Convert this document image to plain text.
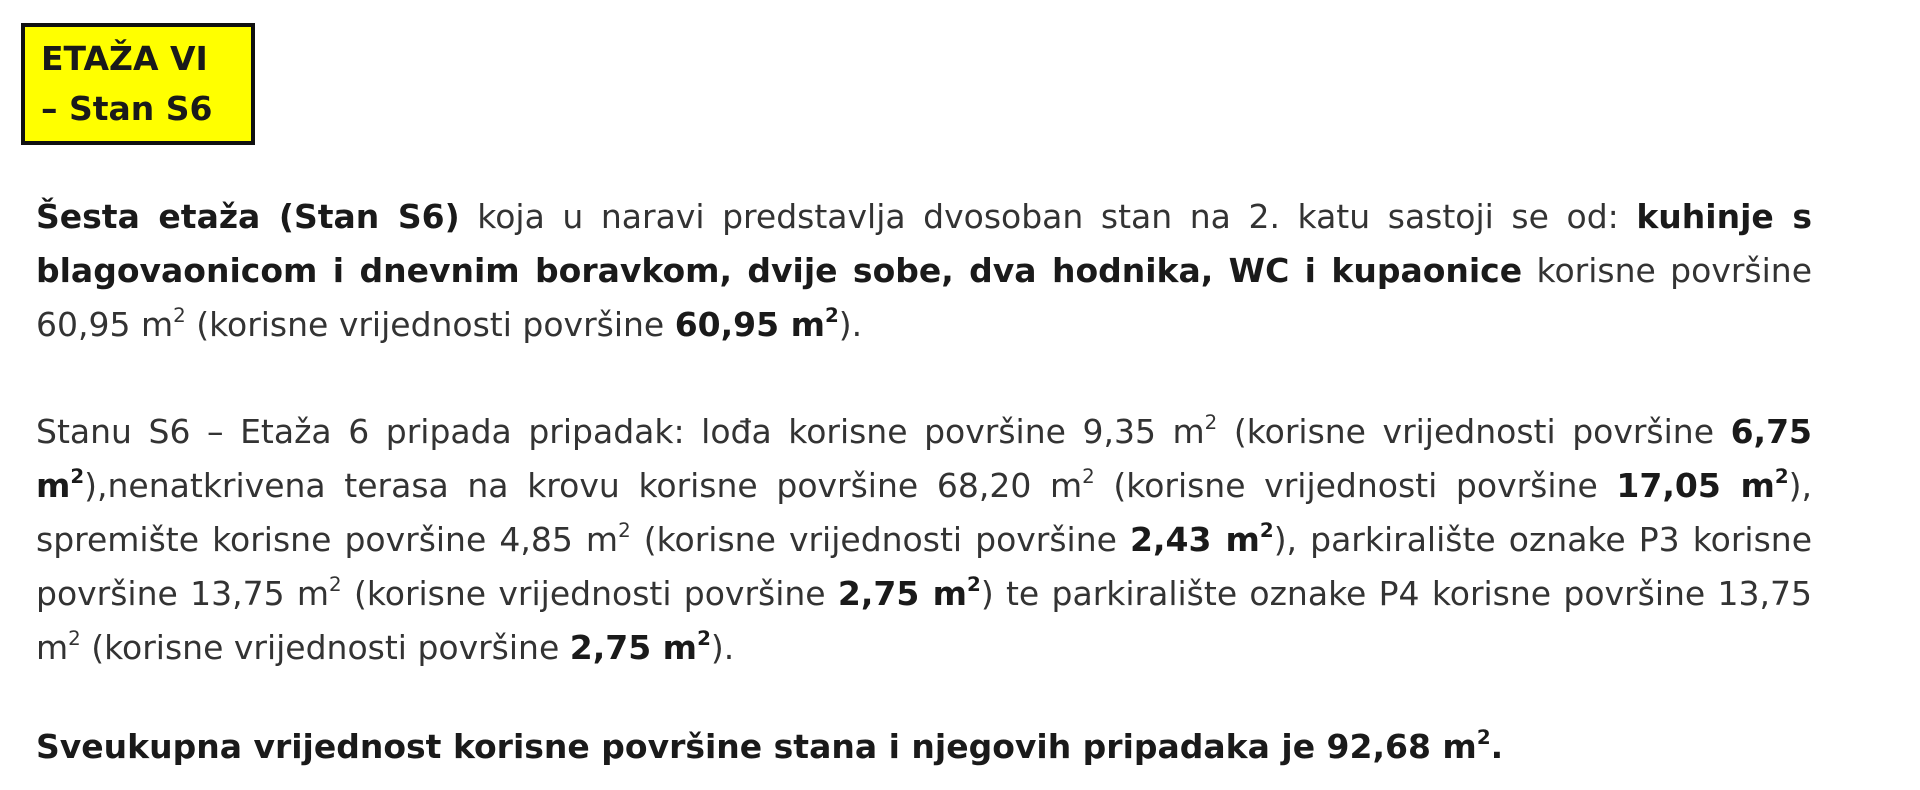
ETAŽA VI
– Stan S6

Šesta etaža (Stan S6) koja u naravi predstavlja dvosoban stan na 2. katu sastoji se od: kuhinje s blagovaonicom i dnevnim boravkom, dvije sobe, dva hodnika, WC i kupaonice korisne površine 60,95 $m^2$ (korisne vrijednosti površine 60,95 $m^2$).

Stanu S6 – Etaža 6 pripada pripadak: lođa korisne površine 9,35 $m^2$ (korisne vrijednosti površine 6,75 $m^2),nenatkrivena$ terasa na krovu korisne površine 68,20 $m^2$ (korisne vrijednosti površine 17,05 $m^2$), spremište korisne površine 4,85 $m^2$ (korisne vrijednosti površine 2,43 $m^2$), parkiralište oznake P3 korisne površine 13,75 $m^2$ (korisne vrijednosti površine 2,75 $m^2$) te parkiralište oznake P4 korisne površine 13,75 $m^2$ (korisne vrijednosti površine 2,75 $m^2$).

Sveukupna vrijednost korisne površine stana i njegovih pripadaka je 92,68 $m^2$.
